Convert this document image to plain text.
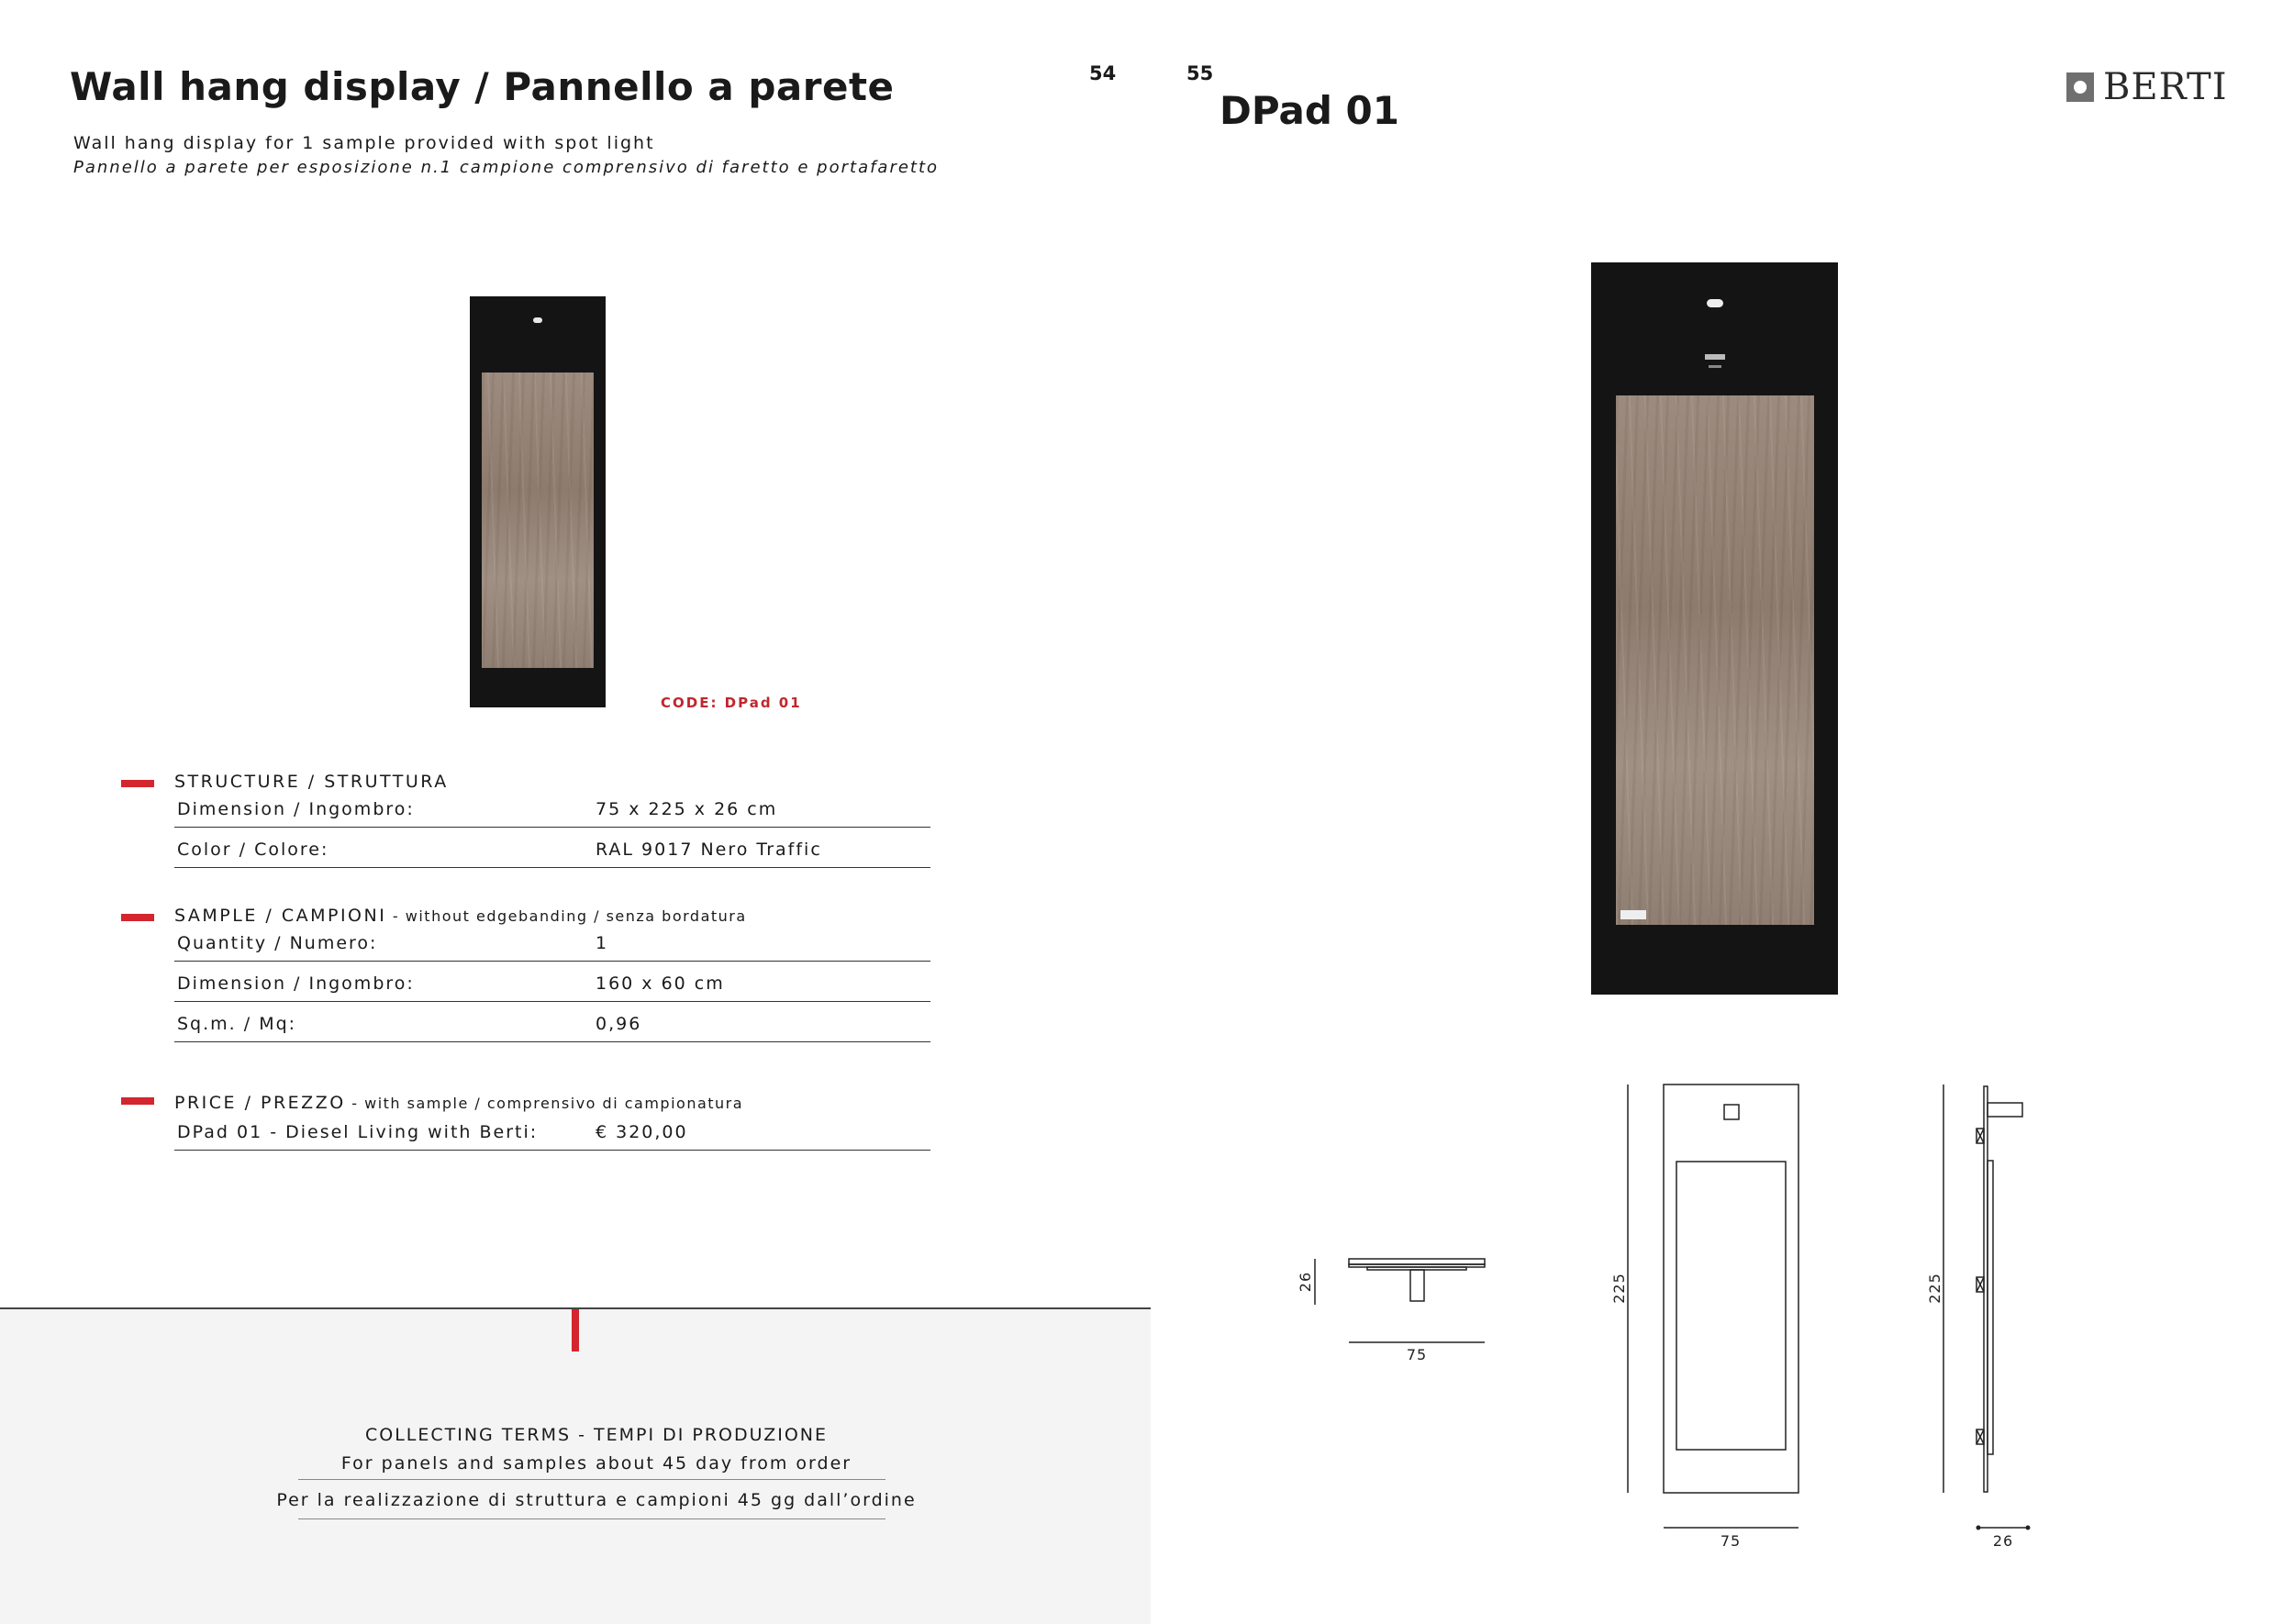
Wall hang display / Pannello a parete
Wall hang display for 1 sample provided with spot light
Pannello a parete per esposizione n.1 campione comprensivo di faretto e portafaretto
54	55
DPad 01
BERTI
CODE: DPad 01
STRUCTURE / STRUTTURA
Dimension / Ingombro:	75 x 225 x 26 cm
Color / Colore:	RAL 9017 Nero Traffic
SAMPLE / CAMPIONI - without edgebanding / senza bordatura
Quantity / Numero:	1
Dimension / Ingombro:	160 x 60 cm
Sq.m. / Mq:	0,96
PRICE / PREZZO - with sample / comprensivo di campionatura
DPad 01 - Diesel Living with Berti:	€ 320,00
COLLECTING TERMS - TEMPI DI PRODUZIONE
For panels and samples about 45 day from order
Per la realizzazione di struttura e campioni 45 gg dall’ordine
26
75
225
75
225
26
